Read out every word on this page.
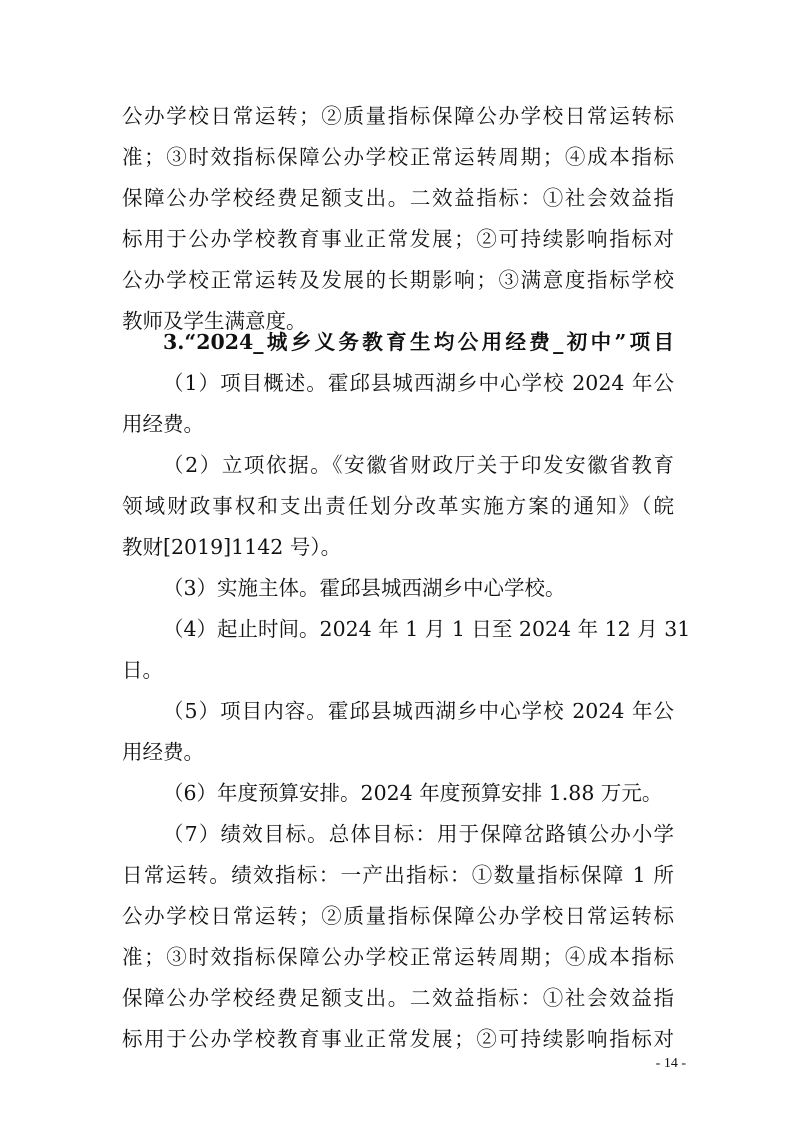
公办学校日常运转；②质量指标保障公办学校日常运转标
准；③时效指标保障公办学校正常运转周期；④成本指标
保障公办学校经费足额支出。二效益指标：①社会效益指
标用于公办学校教育事业正常发展；②可持续影响指标对
公办学校正常运转及发展的长期影响；③满意度指标学校
教师及学生满意度。
3.“2024_城乡义务教育生均公用经费_初中”项目
（1）项目概述。霍邱县城西湖乡中心学校 2024 年公
用经费。
（2）立项依据。《安徽省财政厅关于印发安徽省教育
领域财政事权和支出责任划分改革实施方案的通知》（皖
教财[2019]1142 号）。
（3）实施主体。霍邱县城西湖乡中心学校。
（4）起止时间。2024 年 1 月 1 日至 2024 年 12 月 31
日。
（5）项目内容。霍邱县城西湖乡中心学校 2024 年公
用经费。
（6）年度预算安排。2024 年度预算安排 1.88 万元。
（7）绩效目标。总体目标：用于保障岔路镇公办小学
日常运转。绩效指标：一产出指标：①数量指标保障 1 所
公办学校日常运转；②质量指标保障公办学校日常运转标
准；③时效指标保障公办学校正常运转周期；④成本指标
保障公办学校经费足额支出。二效益指标：①社会效益指
标用于公办学校教育事业正常发展；②可持续影响指标对
- 14 -
